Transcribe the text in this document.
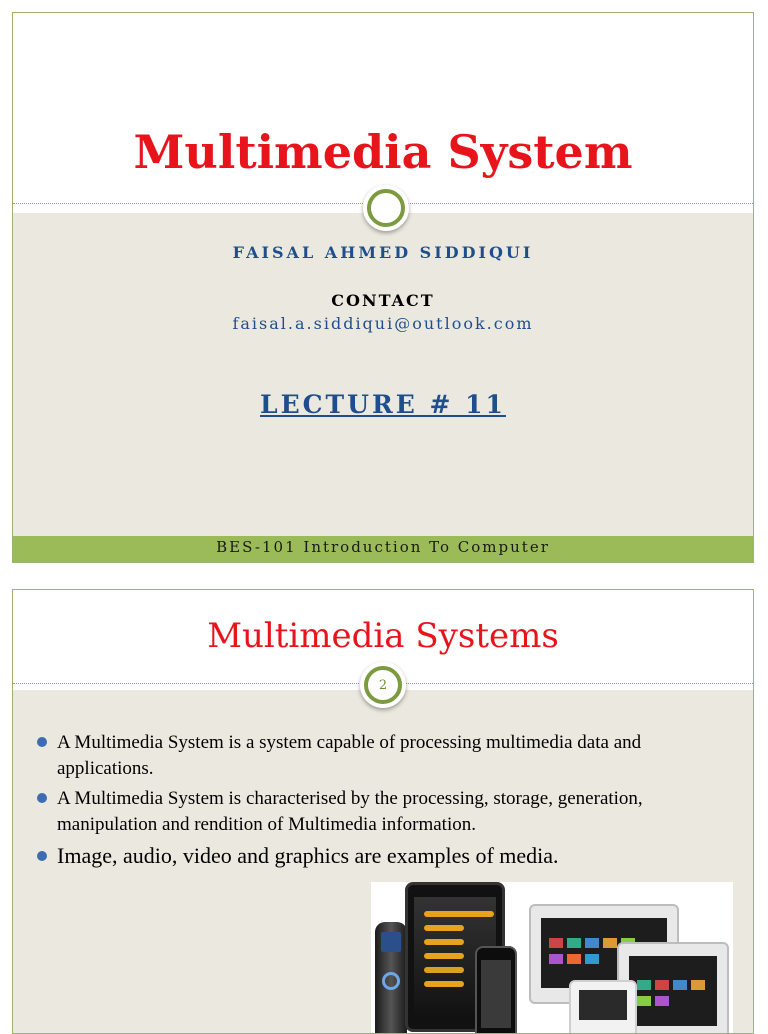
Multimedia System
FAISAL AHMED SIDDIQUI
CONTACT
faisal.a.siddiqui@outlook.com
LECTURE # 11
BES-101 Introduction To Computer
Multimedia Systems
2
A Multimedia System is a system capable of processing multimedia data and applications.
A Multimedia System is characterised by the processing, storage, generation, manipulation and rendition of Multimedia information.
Image, audio, video and graphics are examples of media.
